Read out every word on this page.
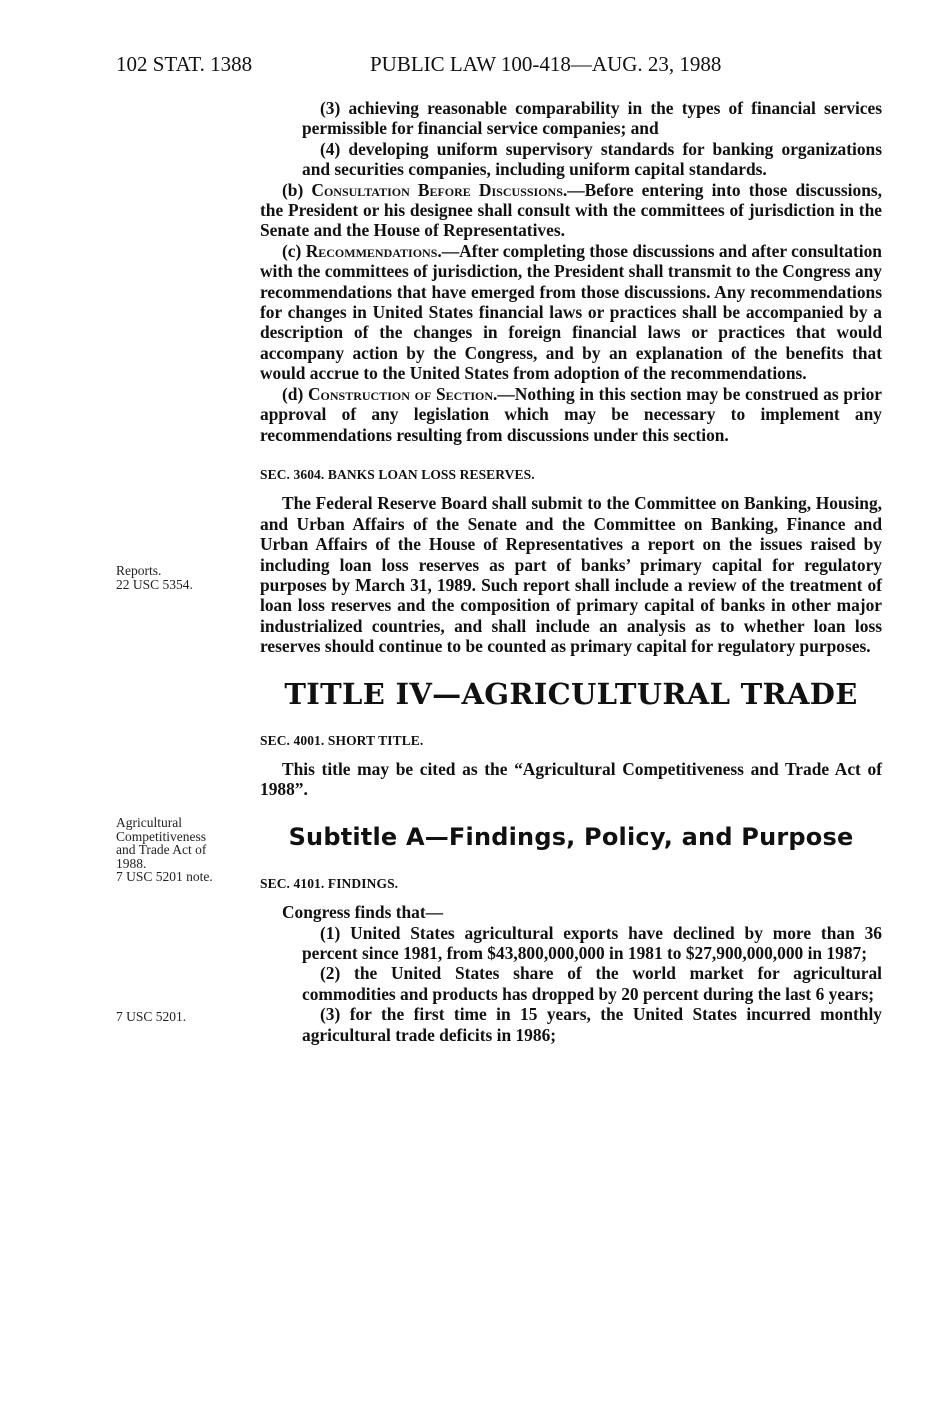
102 STAT. 1388	PUBLIC LAW 100-418—AUG. 23, 1988
Reports.
22 USC 5354.
Agricultural
Competitiveness
and Trade Act of
1988.
7 USC 5201 note.
7 USC 5201.

(3) achieving reasonable comparability in the types of financial services permissible for financial service companies; and

(4) developing uniform supervisory standards for banking organizations and securities companies, including uniform capital standards.

(b) Consultation Before Discussions.—Before entering into those discussions, the President or his designee shall consult with the committees of jurisdiction in the Senate and the House of Representatives.

(c) Recommendations.—After completing those discussions and after consultation with the committees of jurisdiction, the President shall transmit to the Congress any recommendations that have emerged from those discussions. Any recommendations for changes in United States financial laws or practices shall be accompanied by a description of the changes in foreign financial laws or practices that would accompany action by the Congress, and by an explanation of the benefits that would accrue to the United States from adoption of the recommendations.

(d) Construction of Section.—Nothing in this section may be construed as prior approval of any legislation which may be necessary to implement any recommendations resulting from discussions under this section.

SEC. 3604. BANKS LOAN LOSS RESERVES.

The Federal Reserve Board shall submit to the Committee on Banking, Housing, and Urban Affairs of the Senate and the Committee on Banking, Finance and Urban Affairs of the House of Representatives a report on the issues raised by including loan loss reserves as part of banks’ primary capital for regulatory purposes by March 31, 1989. Such report shall include a review of the treatment of loan loss reserves and the composition of primary capital of banks in other major industrialized countries, and shall include an analysis as to whether loan loss reserves should continue to be counted as primary capital for regulatory purposes.

TITLE IV—AGRICULTURAL TRADE

SEC. 4001. SHORT TITLE.

This title may be cited as the “Agricultural Competitiveness and Trade Act of 1988”.

Subtitle A—Findings, Policy, and Purpose

SEC. 4101. FINDINGS.

Congress finds that—

(1) United States agricultural exports have declined by more than 36 percent since 1981, from $43,800,000,000 in 1981 to $27,900,000,000 in 1987;

(2) the United States share of the world market for agricultural commodities and products has dropped by 20 percent during the last 6 years;

(3) for the first time in 15 years, the United States incurred monthly agricultural trade deficits in 1986;
